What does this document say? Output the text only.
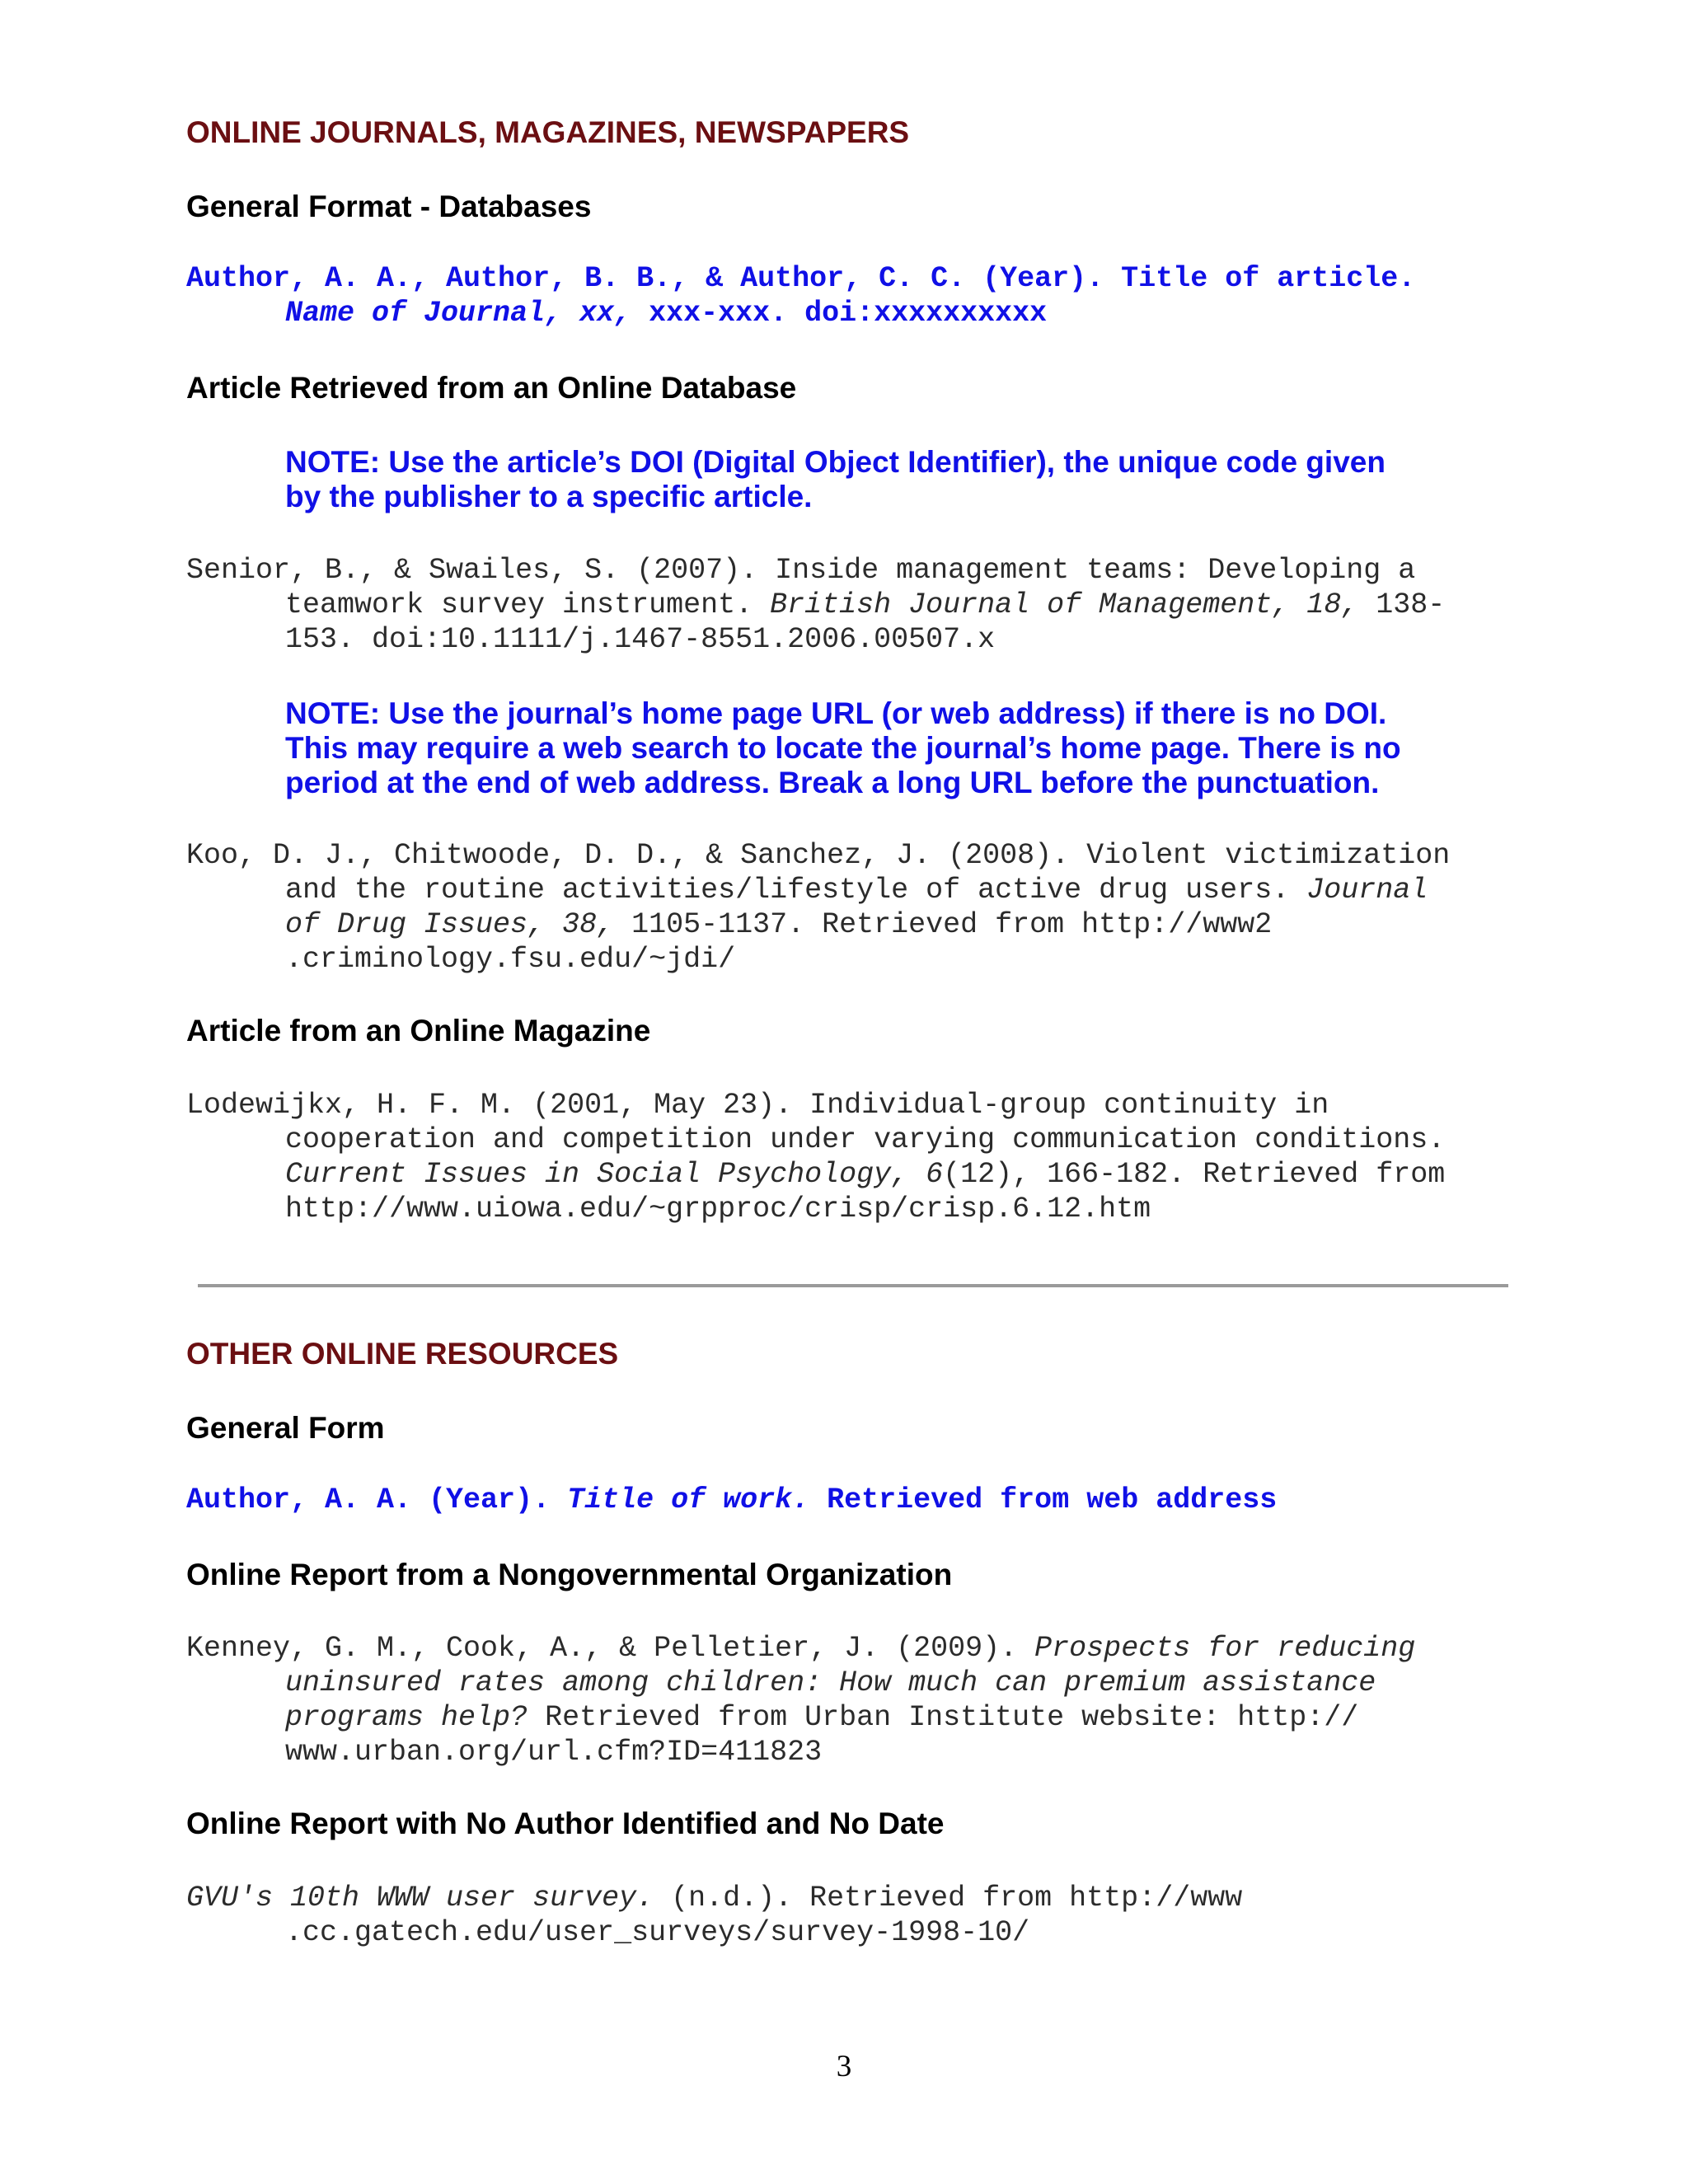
ONLINE JOURNALS, MAGAZINES, NEWSPAPERS
General Format - Databases
Author, A. A., Author, B. B., & Author, C. C. (Year). Title of article.
Name of Journal, xx, xxx-xxx. doi:xxxxxxxxxx
Article Retrieved from an Online Database
NOTE: Use the article’s DOI (Digital Object Identifier), the unique code given
by the publisher to a specific article.
Senior, B., & Swailes, S. (2007). Inside management teams: Developing a
teamwork survey instrument. British Journal of Management, 18, 138-
153. doi:10.1111/j.1467-8551.2006.00507.x
NOTE: Use the journal’s home page URL (or web address) if there is no DOI.
This may require a web search to locate the journal’s home page. There is no
period at the end of web address. Break a long URL before the punctuation.
Koo, D. J., Chitwoode, D. D., & Sanchez, J. (2008). Violent victimization
and the routine activities/lifestyle of active drug users. Journal
of Drug Issues, 38, 1105-1137. Retrieved from http://www2
.criminology.fsu.edu/~jdi/
Article from an Online Magazine
Lodewijkx, H. F. M. (2001, May 23). Individual-group continuity in
cooperation and competition under varying communication conditions.
Current Issues in Social Psychology, 6(12), 166-182. Retrieved from
http://www.uiowa.edu/~grpproc/crisp/crisp.6.12.htm
OTHER ONLINE RESOURCES
General Form
Author, A. A. (Year). Title of work. Retrieved from web address
Online Report from a Nongovernmental Organization
Kenney, G. M., Cook, A., & Pelletier, J. (2009). Prospects for reducing
uninsured rates among children: How much can premium assistance
programs help? Retrieved from Urban Institute website: http://
www.urban.org/url.cfm?ID=411823
Online Report with No Author Identified and No Date
GVU's 10th WWW user survey. (n.d.). Retrieved from http://www
.cc.gatech.edu/user_surveys/survey-1998-10/
3
